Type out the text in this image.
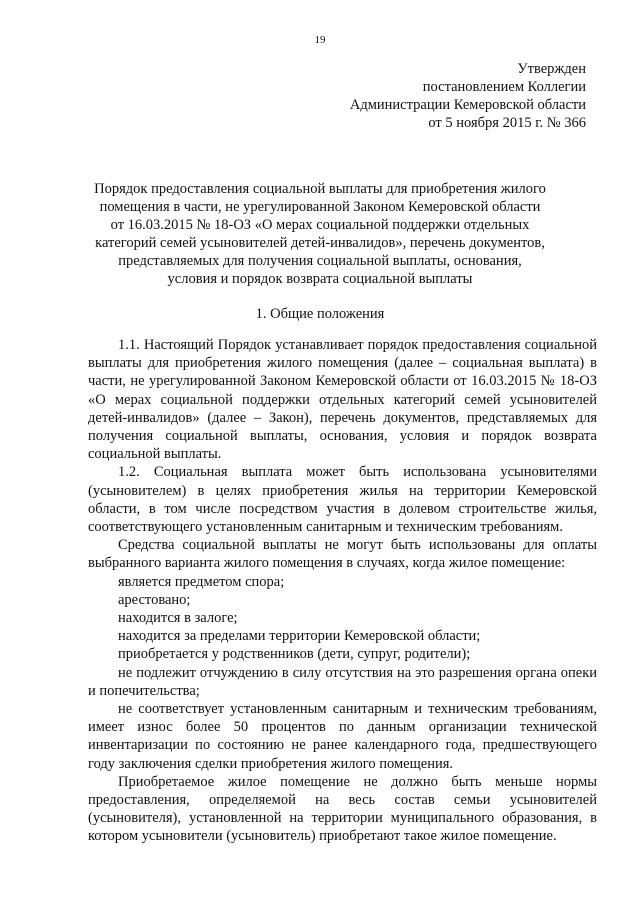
19
Утвержден
постановлением Коллегии
Администрации Кемеровской области
от 5 ноября 2015 г. № 366
Порядок предоставления социальной выплаты для приобретения жилого
помещения в части, не урегулированной Законом Кемеровской области
от 16.03.2015 № 18-ОЗ «О мерах социальной поддержки отдельных
категорий семей усыновителей детей-инвалидов», перечень документов,
представляемых для получения социальной выплаты, основания,
условия и порядок возврата социальной выплаты
1. Общие положения

1.1. Настоящий Порядок устанавливает порядок предоставления социальной выплаты для приобретения жилого помещения (далее – социальная выплата) в части, не урегулированной Законом Кемеровской области от 16.03.2015 № 18-ОЗ «О мерах социальной поддержки отдельных категорий семей усыновителей детей-инвалидов» (далее – Закон), перечень документов, представляемых для получения социальной выплаты, основания, условия и порядок возврата социальной выплаты.

1.2. Социальная выплата может быть использована усыновителями (усыновителем) в целях приобретения жилья на территории Кемеровской области, в том числе посредством участия в долевом строительстве жилья, соответствующего установленным санитарным и техническим требованиям.

Средства социальной выплаты не могут быть использованы для оплаты выбранного варианта жилого помещения в случаях, когда жилое помещение:

является предметом спора;

арестовано;

находится в залоге;

находится за пределами территории Кемеровской области;

приобретается у родственников (дети, супруг, родители);

не подлежит отчуждению в силу отсутствия на это разрешения органа опеки и попечительства;

не соответствует установленным санитарным и техническим требованиям, имеет износ более 50 процентов по данным организации технической инвентаризации по состоянию не ранее календарного года, предшествующего году заключения сделки приобретения жилого помещения.

Приобретаемое жилое помещение не должно быть меньше нормы предоставления, определяемой на весь состав семьи усыновителей (усыновителя), установленной на территории муниципального образования, в котором усыновители (усыновитель) приобретают такое жилое помещение.
